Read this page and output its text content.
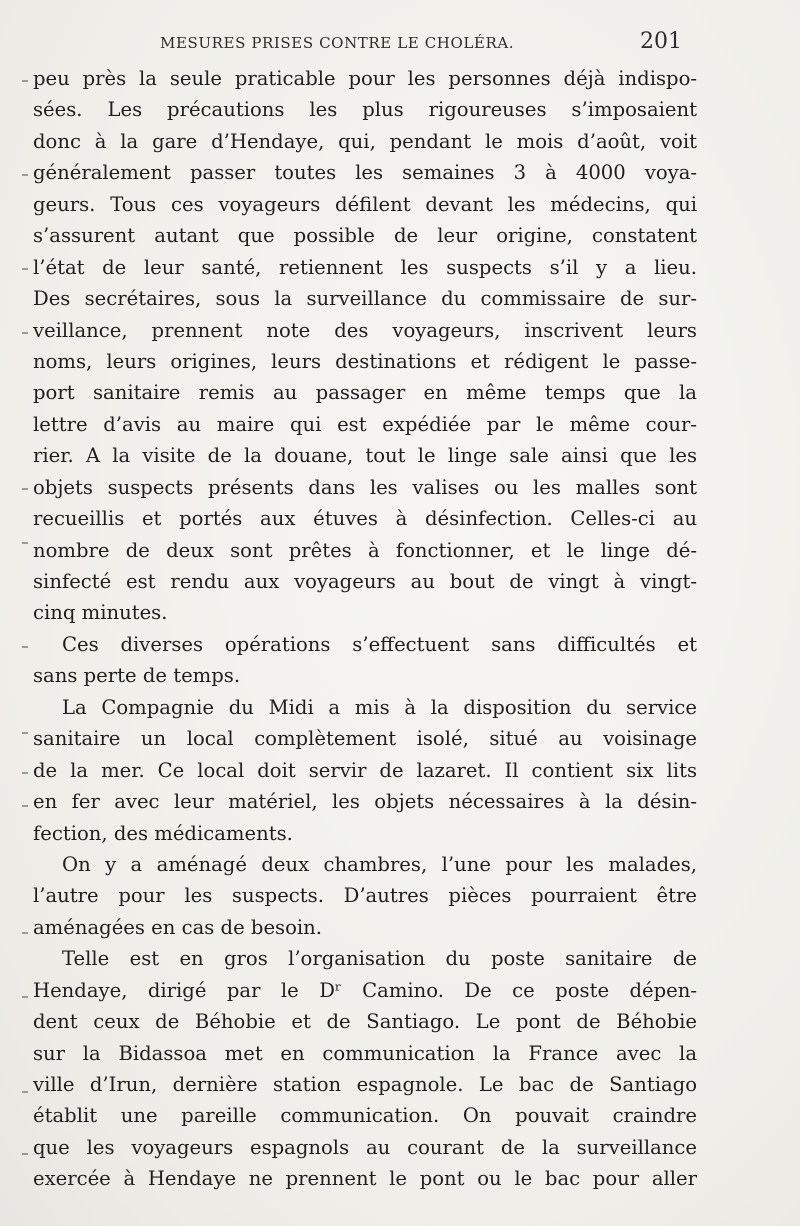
MESURES PRISES CONTRE LE CHOLÉRA.	201
peu près la seule praticable pour les personnes déjà indispo-
sées. Les précautions les plus rigoureuses s’imposaient
donc à la gare d’Hendaye, qui, pendant le mois d’août, voit
généralement passer toutes les semaines 3 à 4000 voya-
geurs. Tous ces voyageurs défilent devant les médecins, qui
s’assurent autant que possible de leur origine, constatent
l’état de leur santé, retiennent les suspects s’il y a lieu.
Des secrétaires, sous la surveillance du commissaire de sur-
veillance, prennent note des voyageurs, inscrivent leurs
noms, leurs origines, leurs destinations et rédigent le passe-
port sanitaire remis au passager en même temps que la
lettre d’avis au maire qui est expédiée par le même cour-
rier. A la visite de la douane, tout le linge sale ainsi que les
objets suspects présents dans les valises ou les malles sont
recueillis et portés aux étuves à désinfection. Celles-ci au
nombre de deux sont prêtes à fonctionner, et le linge dé-
sinfecté est rendu aux voyageurs au bout de vingt à vingt-
cinq minutes.
Ces diverses opérations s’effectuent sans difficultés et
sans perte de temps.
La Compagnie du Midi a mis à la disposition du service
sanitaire un local complètement isolé, situé au voisinage
de la mer. Ce local doit servir de lazaret. Il contient six lits
en fer avec leur matériel, les objets nécessaires à la désin-
fection, des médicaments.
On y a aménagé deux chambres, l’une pour les malades,
l’autre pour les suspects. D’autres pièces pourraient être
aménagées en cas de besoin.
Telle est en gros l’organisation du poste sanitaire de
Hendaye, dirigé par le Dʳ Camino. De ce poste dépen-
dent ceux de Béhobie et de Santiago. Le pont de Béhobie
sur la Bidassoa met en communication la France avec la
ville d’Irun, dernière station espagnole. Le bac de Santiago
établit une pareille communication. On pouvait craindre
que les voyageurs espagnols au courant de la surveillance
exercée à Hendaye ne prennent le pont ou le bac pour aller
